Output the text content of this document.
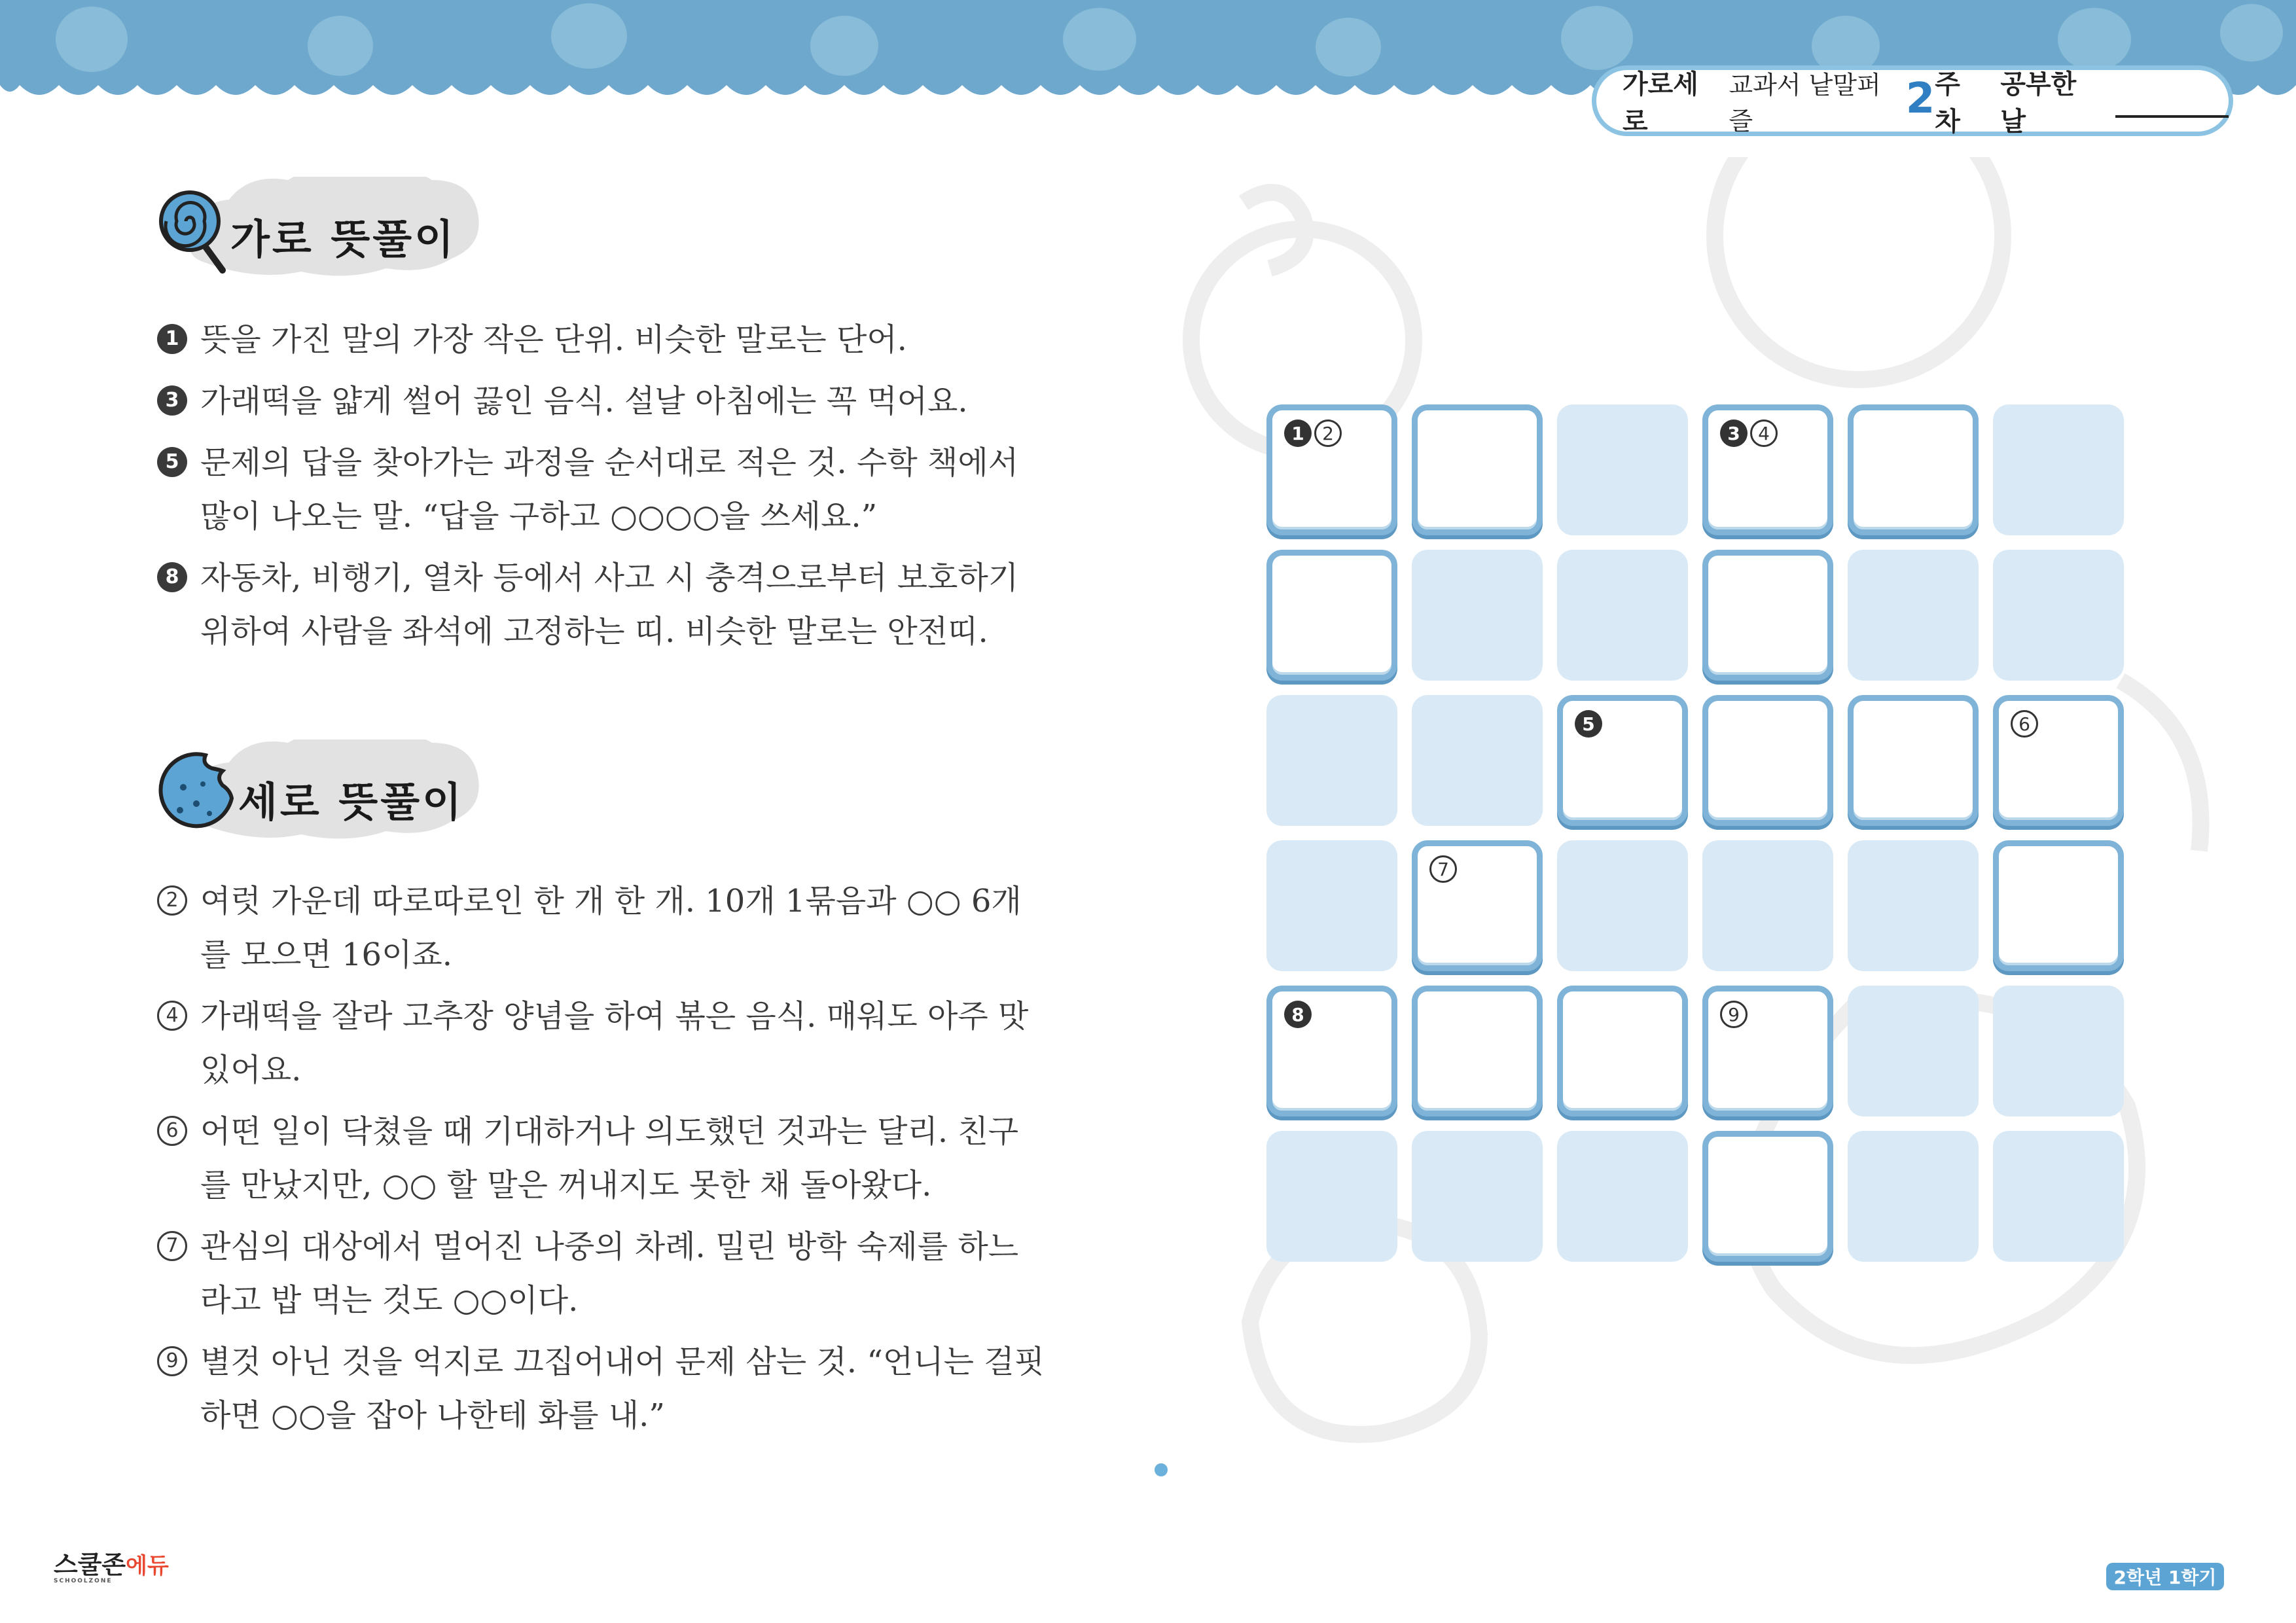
가로세로
교과서 낱말퍼즐	2 주차
공부한 날
가로 뜻풀이
1 뜻을 가진 말의 가장 작은 단위. 비슷한 말로는 단어.
3 가래떡을 얇게 썰어 끓인 음식. 설날 아침에는 꼭 먹어요.
5 문제의 답을 찾아가는 과정을 순서대로 적은 것. 수학 책에서 많이 나오는 말. “답을 구하고 ○○○○을 쓰세요.”
8 자동차, 비행기, 열차 등에서 사고 시 충격으로부터 보호하기 위하여 사람을 좌석에 고정하는 띠. 비슷한 말로는 안전띠.
세로 뜻풀이
2 여럿 가운데 따로따로인 한 개 한 개. 10개 1묶음과 ○○ 6개를 모으면 16이죠.
4 가래떡을 잘라 고추장 양념을 하여 볶은 음식. 매워도 아주 맛있어요.
6 어떤 일이 닥쳤을 때 기대하거나 의도했던 것과는 달리. 친구를 만났지만, ○○ 할 말은 꺼내지도 못한 채 돌아왔다.
7 관심의 대상에서 멀어진 나중의 차례. 밀린 방학 숙제를 하느라고 밥 먹는 것도 ○○이다.
9 별것 아닌 것을 억지로 끄집어내어 문제 삼는 것. “언니는 걸핏하면 ○○을 잡아 나한테 화를 내.”
1 2	3 4
5	6
7
8	9
스쿨존에듀
SCHOOLZONE	2학년 1학기
